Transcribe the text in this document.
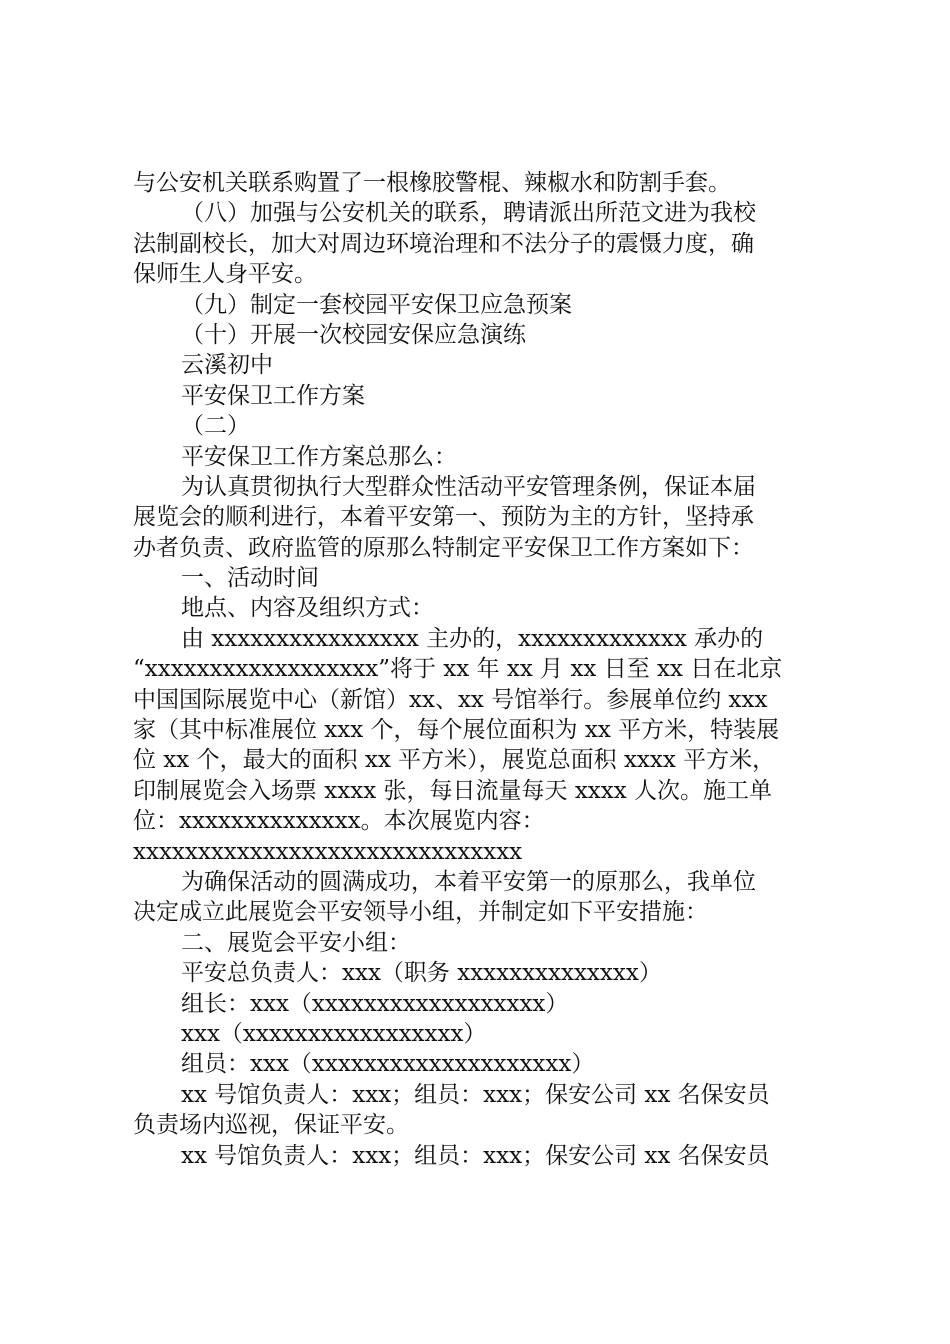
与公安机关联系购置了一根橡胶警棍、辣椒水和防割手套。
（八）加强与公安机关的联系，聘请派出所范文进为我校
法制副校长，加大对周边环境治理和不法分子的震慑力度，确
保师生人身平安。
（九）制定一套校园平安保卫应急预案
（十）开展一次校园安保应急演练
云溪初中
平安保卫工作方案
（二）
平安保卫工作方案总那么：
为认真贯彻执行大型群众性活动平安管理条例，保证本届
展览会的顺利进行，本着平安第一、预防为主的方针，坚持承
办者负责、政府监管的原那么特制定平安保卫工作方案如下：
一、活动时间
地点、内容及组织方式：
由 xxxxxxxxxxxxxxxx 主办的，xxxxxxxxxxxxx 承办的
“xxxxxxxxxxxxxxxxxx”将于 xx 年 xx 月 xx 日至 xx 日在北京
中国国际展览中心（新馆）xx、xx 号馆举行。参展单位约 xxx
家（其中标准展位 xxx 个，每个展位面积为 xx 平方米，特装展
位 xx 个，最大的面积 xx 平方米），展览总面积 xxxx 平方米，
印制展览会入场票 xxxx 张，每日流量每天 xxxx 人次。施工单
位：xxxxxxxxxxxxxx。本次展览内容：
xxxxxxxxxxxxxxxxxxxxxxxxxxxxxx
为确保活动的圆满成功，本着平安第一的原那么，我单位
决定成立此展览会平安领导小组，并制定如下平安措施：
二、展览会平安小组：
平安总负责人：xxx（职务 xxxxxxxxxxxxxx）
组长：xxx（xxxxxxxxxxxxxxxxxx）
xxx（xxxxxxxxxxxxxxxxx）
组员：xxx（xxxxxxxxxxxxxxxxxxxx）
xx 号馆负责人：xxx；组员：xxx；保安公司 xx 名保安员
负责场内巡视，保证平安。
xx 号馆负责人：xxx；组员：xxx；保安公司 xx 名保安员
